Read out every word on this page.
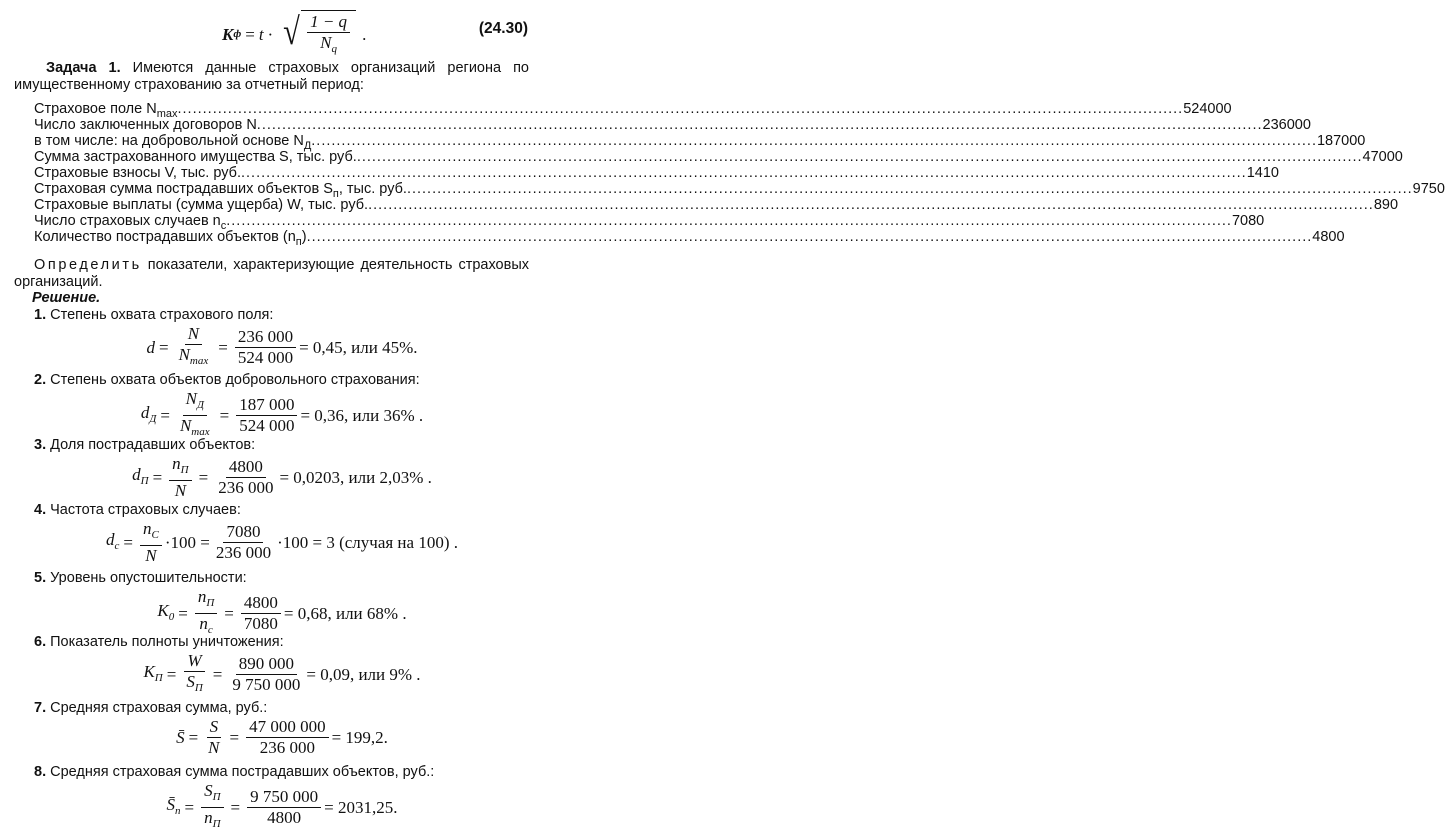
K ф = t · √ $\frac{1 - q}{N_q}$ .	(24.30)
Задача 1. Имеются данные страховых организаций региона по имущественному страхованию за отчетный период:
Страховое поле $N_{max}$ ........................................................................................................................................................................................................ 524000
Число заключенных договоров N ........................................................................................................................................................................................................ 236000
в том числе: на добровольной основе $N_Д$ ........................................................................................................................................................................................................ 187000
Сумма застрахованного имущества S, тыс. руб. ........................................................................................................................................................................................................ 47000
Страховые взносы V, тыс. руб. ........................................................................................................................................................................................................ 1410
Страховая сумма пострадавших объектов $S_п$, тыс. руб. ........................................................................................................................................................................................................ 9750
Страховые выплаты (сумма ущерба) W, тыс. руб. ........................................................................................................................................................................................................ 890
Число страховых случаев $n_с$ ........................................................................................................................................................................................................ 7080
Количество пострадавших объектов $(n_п)$ ........................................................................................................................................................................................................ 4800
Определить показатели, характеризующие деятельность страховых организаций.
Решение.
1. Степень охвата страхового поля:
$d = \frac{N}{N_{max}} = \frac{236 000}{524 000} = 0,45$, или 45%.
2. Степень охвата объектов добровольного страхования:
$d_Д = \frac{N_Д}{N_{max}} = \frac{187 000}{524 000} = 0,36$, или 36% .
3. Доля пострадавших объектов:
$d_П = \frac{n_П}{N} = \frac{4800}{236 000} = 0,0203$, или 2,03% .
4. Частота страховых случаев:
$d_с = \frac{n_С}{N} \cdot 100 = \frac{7080}{236 000} \cdot 100 = 3$ (случая на 100) .
5. Уровень опустошительности:
$K_0 = \frac{n_П}{n_с} = \frac{4800}{7080} = 0,68$, или 68% .
6. Показатель полноты уничтожения:
$K_П = \frac{W}{S_П} = \frac{890 000}{9 750 000} = 0,09$, или 9% .
7. Средняя страховая сумма, руб.:
S̄ = $\frac{S}{N} = \frac{47 000 000}{236 000} = 199,2$.
8. Средняя страховая сумма пострадавших объектов, руб.:
$S̄_п = \frac{S_П}{n_П} = \frac{9 750 000}{4800} = 2031,25$.
